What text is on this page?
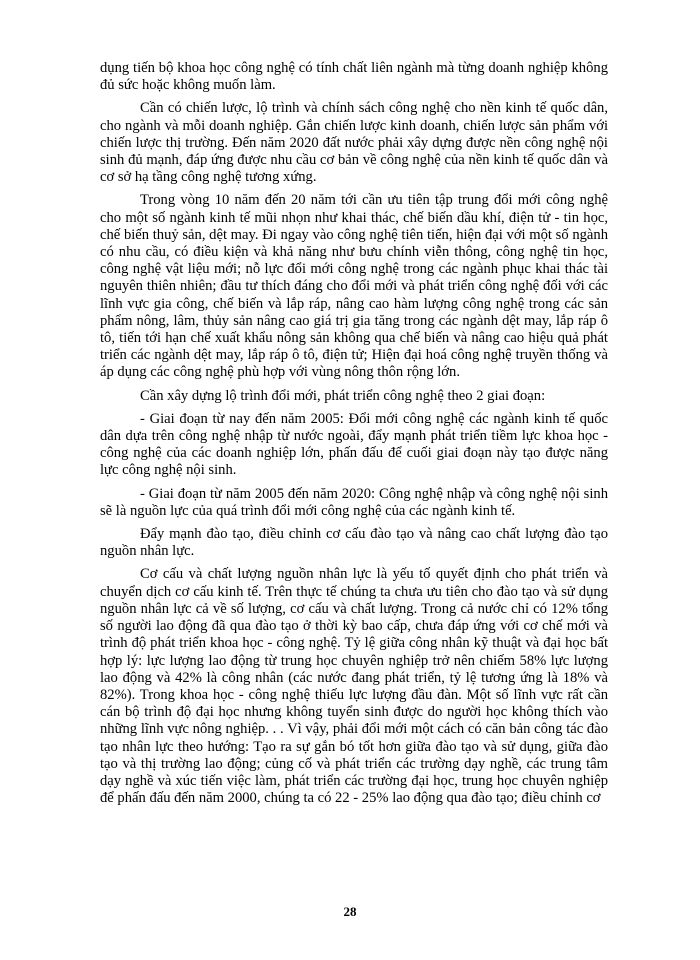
dụng tiến bộ khoa học công nghệ có tính chất liên ngành mà từng doanh nghiệp không đủ sức hoặc không muốn làm.

Cần có chiến lược, lộ trình và chính sách công nghệ cho nền kinh tế quốc dân, cho ngành và mỗi doanh nghiệp. Gắn chiến lược kinh doanh, chiến lược sản phẩm với chiến lược thị trường. Đến năm 2020 đất nước phải xây dựng được nền công nghệ nội sinh đủ mạnh, đáp ứng được nhu cầu cơ bản về công nghệ của nền kinh tế quốc dân và cơ sở hạ tầng công nghệ tương xứng.

Trong vòng 10 năm đến 20 năm tới cần ưu tiên tập trung đổi mới công nghệ cho một số ngành kinh tế mũi nhọn như khai thác, chế biến dầu khí, điện tử - tin học, chế biến thuỷ sản, dệt may. Đi ngay vào công nghệ tiên tiến, hiện đại với một số ngành có nhu cầu, có điều kiện và khả năng như bưu chính viễn thông, công nghệ tin học, công nghệ vật liệu mới; nỗ lực đổi mới công nghệ trong các ngành phục khai thác tài nguyên thiên nhiên; đầu tư thích đáng cho đổi mới và phát triển công nghệ đối với các lĩnh vực gia công, chế biến và lắp ráp, nâng cao hàm lượng công nghệ trong các sản phẩm nông, lâm, thủy sản nâng cao giá trị gia tăng trong các ngành dệt may, lắp ráp ô tô, tiến tới hạn chế xuất khẩu nông sản không qua chế biến và nâng cao hiệu quả phát triển các ngành dệt may, lắp ráp ô tô, điện tử; Hiện đại hoá công nghệ truyền thống và áp dụng các công nghệ phù hợp với vùng nông thôn rộng lớn.

Cần xây dựng lộ trình đổi mới, phát triển công nghệ theo 2 giai đoạn:

- Giai đoạn từ nay đến năm 2005: Đổi mới công nghệ các ngành kinh tế quốc dân dựa trên công nghệ nhập từ nước ngoài, đẩy mạnh phát triển tiềm lực khoa học - công nghệ của các doanh nghiệp lớn, phấn đấu để cuối giai đoạn này tạo được năng lực công nghệ nội sinh.

- Giai đoạn từ năm 2005 đến năm 2020: Công nghệ nhập và công nghệ nội sinh sẽ là nguồn lực của quá trình đổi mới công nghệ của các ngành kinh tế.

Đẩy mạnh đào tạo, điều chỉnh cơ cấu đào tạo và nâng cao chất lượng đào tạo nguồn nhân lực.

Cơ cấu và chất lượng nguồn nhân lực là yếu tố quyết định cho phát triển và chuyển dịch cơ cấu kinh tế. Trên thực tế chúng ta chưa ưu tiên cho đào tạo và sử dụng nguồn nhân lực cả về số lượng, cơ cấu và chất lượng. Trong cả nước chỉ có 12% tổng số người lao động đã qua đào tạo ở thời kỳ bao cấp, chưa đáp ứng với cơ chế mới và trình độ phát triển khoa học - công nghệ. Tỷ lệ giữa công nhân kỹ thuật và đại học bất hợp lý: lực lượng lao động từ trung học chuyên nghiệp trở nên chiếm 58% lực lượng lao động và 42% là công nhân (các nước đang phát triển, tỷ lệ tương ứng là 18% và 82%). Trong khoa học - công nghệ thiếu lực lượng đầu đàn. Một số lĩnh vực rất cần cán bộ trình độ đại học nhưng không tuyển sinh được do người học không thích vào những lĩnh vực nông nghiệp. . . Vì vậy, phải đổi mới một cách có căn bản công tác đào tạo nhân lực theo hướng: Tạo ra sự gắn bó tốt hơn giữa đào tạo và sử dụng, giữa đào tạo và thị trường lao động; củng cố và phát triển các trường dạy nghề, các trung tâm dạy nghề và xúc tiến việc làm, phát triển các trường đại học, trung học chuyên nghiệp để phấn đấu đến năm 2000, chúng ta có 22 - 25% lao động qua đào tạo; điều chỉnh cơ

28
